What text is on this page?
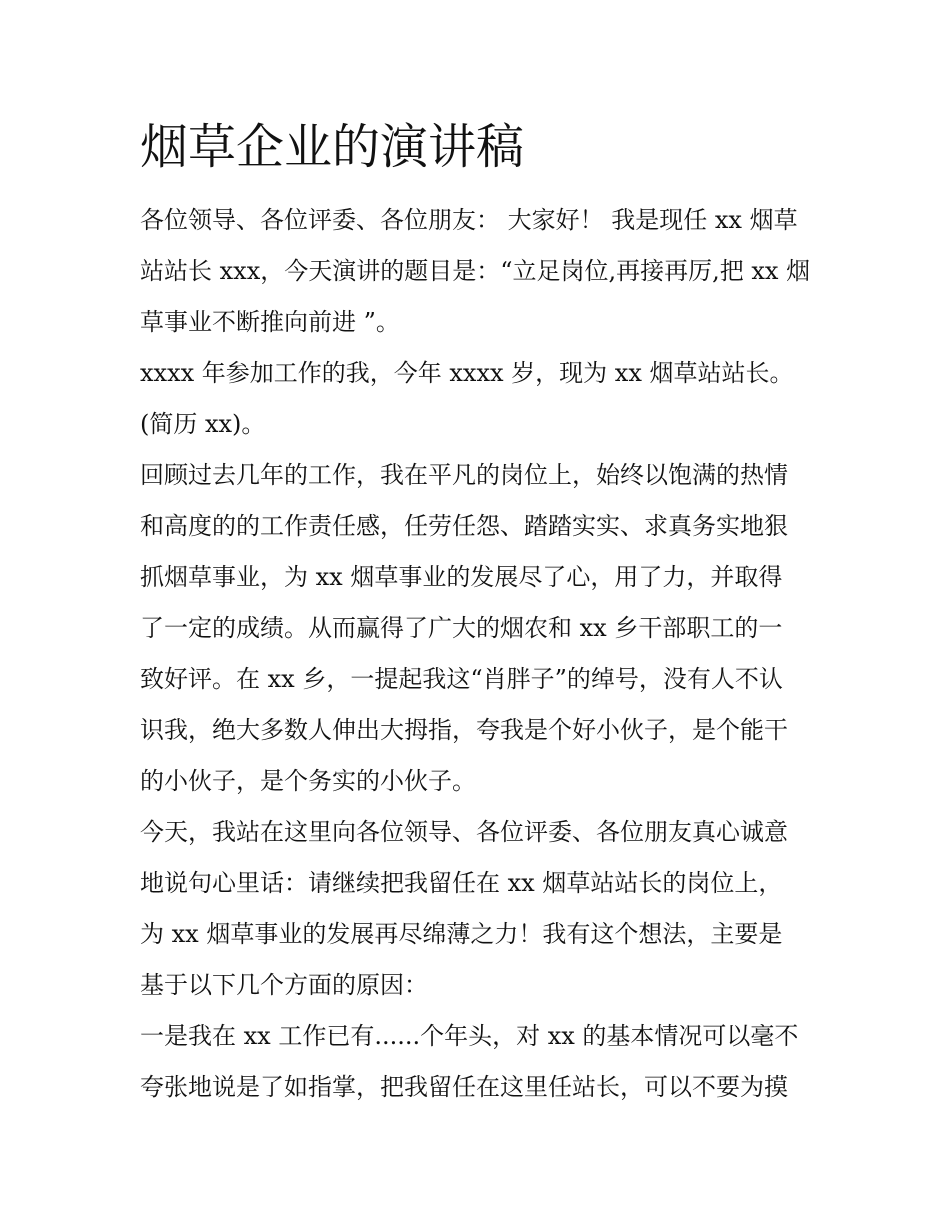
烟草企业的演讲稿

各位领导、各位评委、各位朋友： 大家好！ 我是现任 xx 烟草

站站长 xxx，今天演讲的题目是：“立足岗位,再接再厉,把 xx 烟

草事业不断推向前进 ”。

xxxx 年参加工作的我，今年 xxxx 岁，现为 xx 烟草站站长。

(简历 xx)。

回顾过去几年的工作，我在平凡的岗位上，始终以饱满的热情

和高度的的工作责任感，任劳任怨、踏踏实实、求真务实地狠

抓烟草事业，为 xx 烟草事业的发展尽了心，用了力，并取得

了一定的成绩。从而赢得了广大的烟农和 xx 乡干部职工的一

致好评。在 xx 乡，一提起我这“肖胖子”的绰号，没有人不认

识我，绝大多数人伸出大拇指，夸我是个好小伙子，是个能干

的小伙子，是个务实的小伙子。

今天，我站在这里向各位领导、各位评委、各位朋友真心诚意

地说句心里话：请继续把我留任在 xx 烟草站站长的岗位上，

为 xx 烟草事业的发展再尽绵薄之力！我有这个想法，主要是

基于以下几个方面的原因：

一是我在 xx 工作已有......个年头，对 xx 的基本情况可以毫不

夸张地说是了如指掌，把我留任在这里任站长，可以不要为摸
